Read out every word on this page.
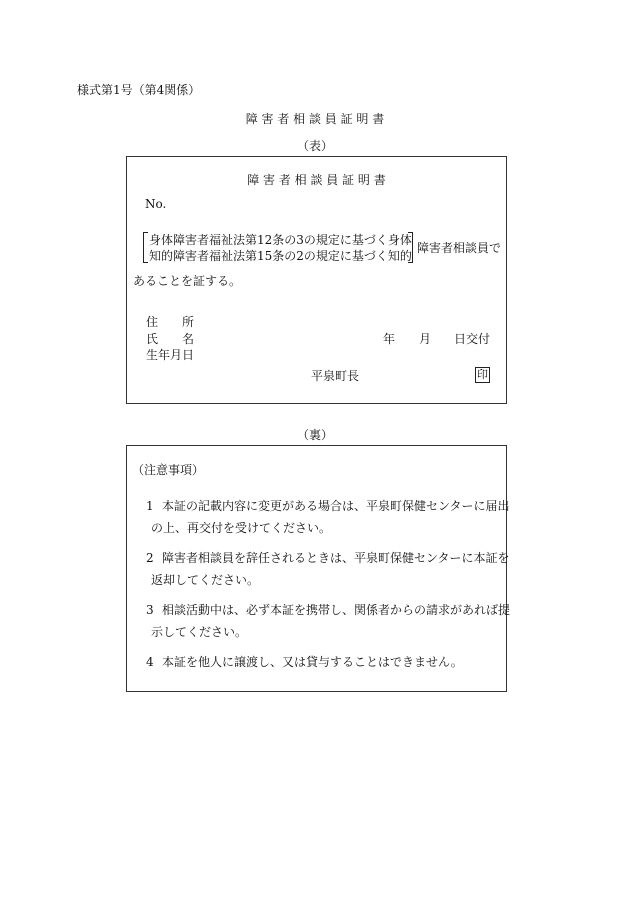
様式第1号（第4関係）
障 害 者 相 談 員 証 明 書
（表）
障 害 者 相 談 員 証 明 書
No.
身体障害者福祉法第12条の3の規定に基づく身体
知的障害者福祉法第15条の2の規定に基づく知的
障害者相談員で
あることを証する。
住　　所
氏　　名
生年月日
年 月 日交付
平泉町長	印
（裏）
（注意事項）
1 本証の記載内容に変更がある場合は、平泉町保健センターに届出
の上、再交付を受けてください。
2 障害者相談員を辞任されるときは、平泉町保健センターに本証を
返却してください。
3 相談活動中は、必ず本証を携帯し、関係者からの請求があれば提
示してください。
4 本証を他人に譲渡し、又は貸与することはできません。
